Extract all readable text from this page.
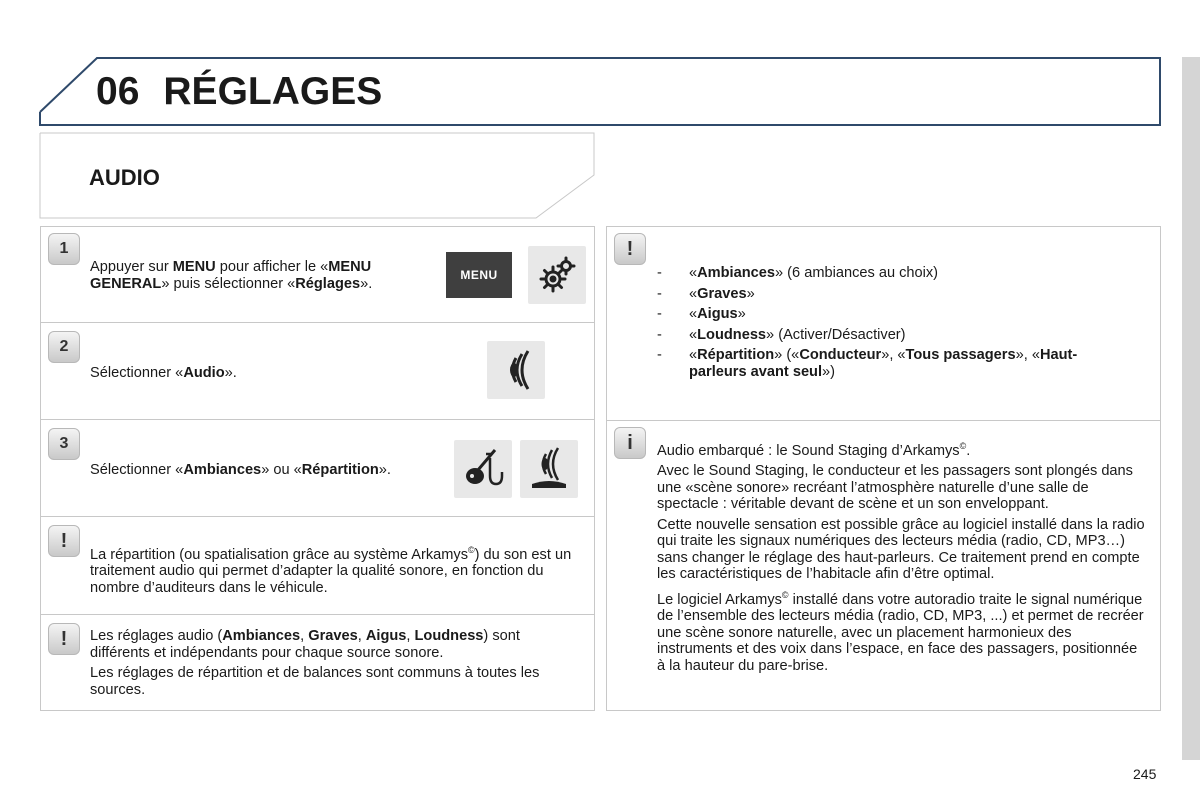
06 RÉGLAGES
AUDIO
1
Appuyer sur MENU pour afficher le «MENU GENERAL» puis sélectionner «Réglages».
MENU
2
Sélectionner «Audio».
3
Sélectionner «Ambiances» ou «Répartition».
!
La répartition (ou spatialisation grâce au système Arkamys©) du son est un traitement audio qui permet d’adapter la qualité sonore, en fonction du nombre d’auditeurs dans le véhicule.
!	Les réglages audio (Ambiances, Graves, Aigus, Loudness) sont différents et indépendants pour chaque source sonore.

Les réglages de répartition et de balances sont communs à toutes les sources.

!
- «Ambiances» (6 ambiances au choix)
- «Graves»
- «Aigus»
- «Loudness» (Activer/Désactiver)
- «Répartition» («Conducteur», «Tous passagers», «Haut-parleurs avant seul»)
i	Audio embarqué : le Sound Staging d’Arkamys©.

Avec le Sound Staging, le conducteur et les passagers sont plongés dans une «scène sonore» recréant l’atmosphère naturelle d’une salle de spectacle : véritable devant de scène et un son enveloppant.

Cette nouvelle sensation est possible grâce au logiciel installé dans la radio qui traite les signaux numériques des lecteurs média (radio, CD, MP3…) sans changer le réglage des haut-parleurs. Ce traitement prend en compte les caractéristiques de l’habitacle afin d’être optimal.

Le logiciel Arkamys© installé dans votre autoradio traite le signal numérique de l’ensemble des lecteurs média (radio, CD, MP3, ...) et permet de recréer une scène sonore naturelle, avec un placement harmonieux des instruments et des voix dans l’espace, en face des passagers, positionnée à la hauteur du pare-brise.

245
